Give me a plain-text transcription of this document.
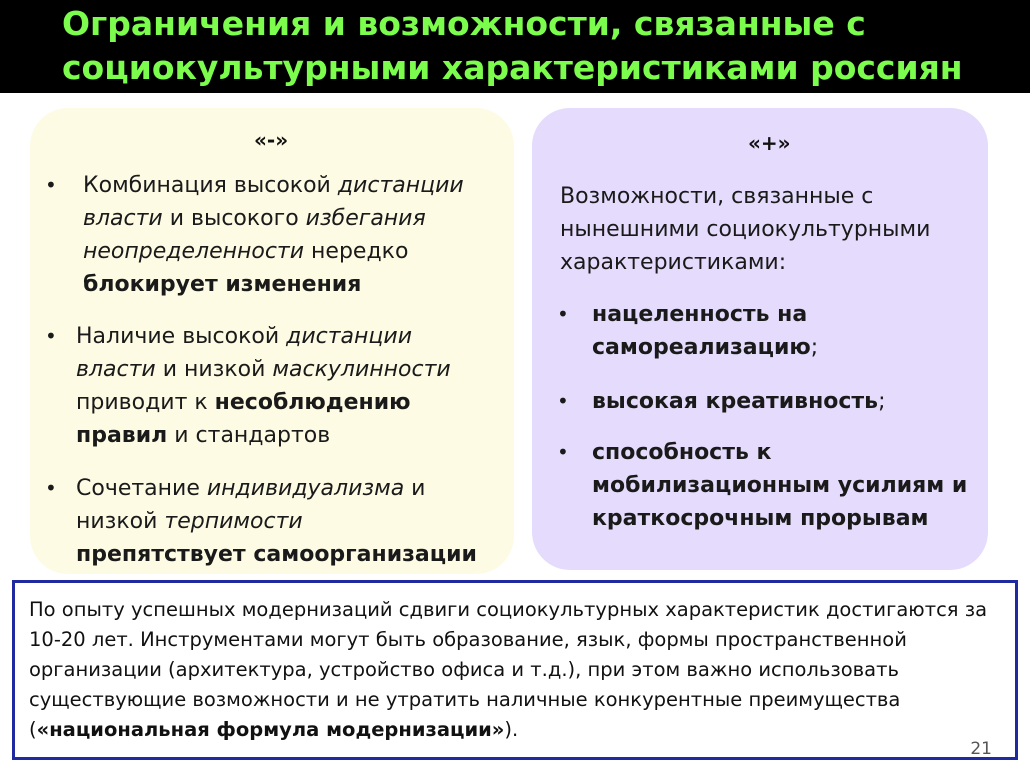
Ограничения и возможности, связанные с
социокультурными характеристиками россиян
«-»
• Комбинация высокой дистанции власти и высокого избегания неопределенности нередко блокирует изменения
• Наличие высокой дистанции власти и низкой маскулинности приводит к несоблюдению правил и стандартов
• Сочетание индивидуализма и низкой терпимости
препятствует самоорганизации
«+»
Возможности, связанные с нынешними социокультурными характеристиками:
• нацеленность на самореализацию;
• высокая креативность;
• способность к мобилизационным усилиям и краткосрочным прорывам
По опыту успешных модернизаций сдвиги социокультурных характеристик достигаются за 10-20 лет. Инструментами могут быть образование, язык, формы пространственной организации (архитектура, устройство офиса и т.д.), при этом важно использовать существующие возможности и не утратить наличные конкурентные преимущества («национальная формула модернизации»).
21
